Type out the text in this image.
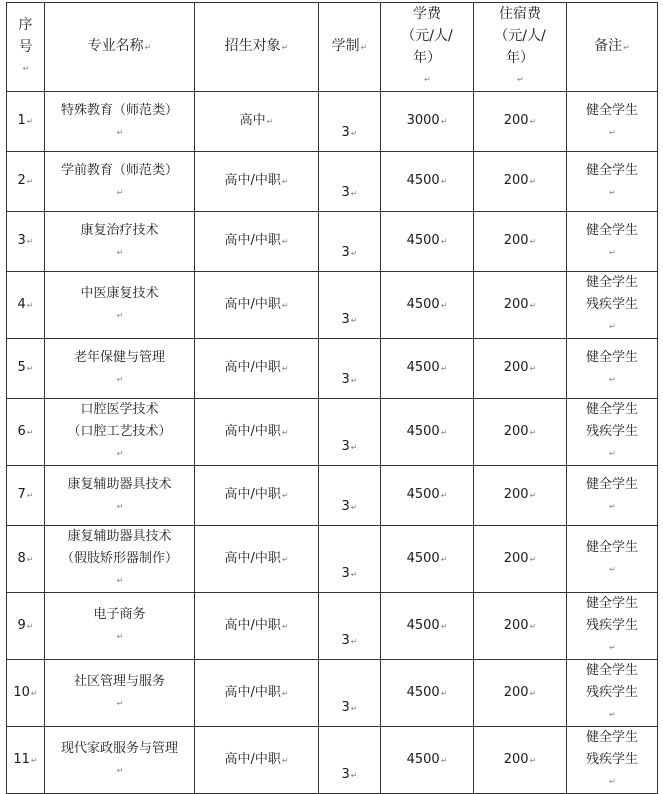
序
号
↵	专业名称↵	招生对象↵	学制↵	学费
（元/人/
年）
↵	住宿费
（元/人/
年）
↵	备注↵
1↵	特殊教育（师范类）
↵	高中↵	3↵	3000↵	200↵	健全学生
↵

2↵	学前教育（师范类）
↵	高中/中职↵	3↵	4500↵	200↵	健全学生
↵

3↵	康复治疗技术
↵	高中/中职↵	3↵	4500↵	200↵	健全学生
↵

4↵	中医康复技术
↵	高中/中职↵	3↵	4500↵	200↵	健全学生
残疾学生
↵

5↵	老年保健与管理
↵	高中/中职↵	3↵	4500↵	200↵	健全学生
↵

6↵	口腔医学技术
（口腔工艺技术）
↵	高中/中职↵	3↵	4500↵	200↵	健全学生
残疾学生
↵

7↵	康复辅助器具技术
↵	高中/中职↵	3↵	4500↵	200↵	健全学生
↵

8↵	康复辅助器具技术
（假肢矫形器制作）
↵	高中/中职↵	3↵	4500↵	200↵	健全学生
↵

9↵	电子商务
↵	高中/中职↵	3↵	4500↵	200↵	健全学生
残疾学生
↵

10↵	社区管理与服务
↵	高中/中职↵	3↵	4500↵	200↵	健全学生
残疾学生
↵

11↵	现代家政服务与管理
↵	高中/中职↵	3↵	4500↵	200↵	健全学生
残疾学生
↵
